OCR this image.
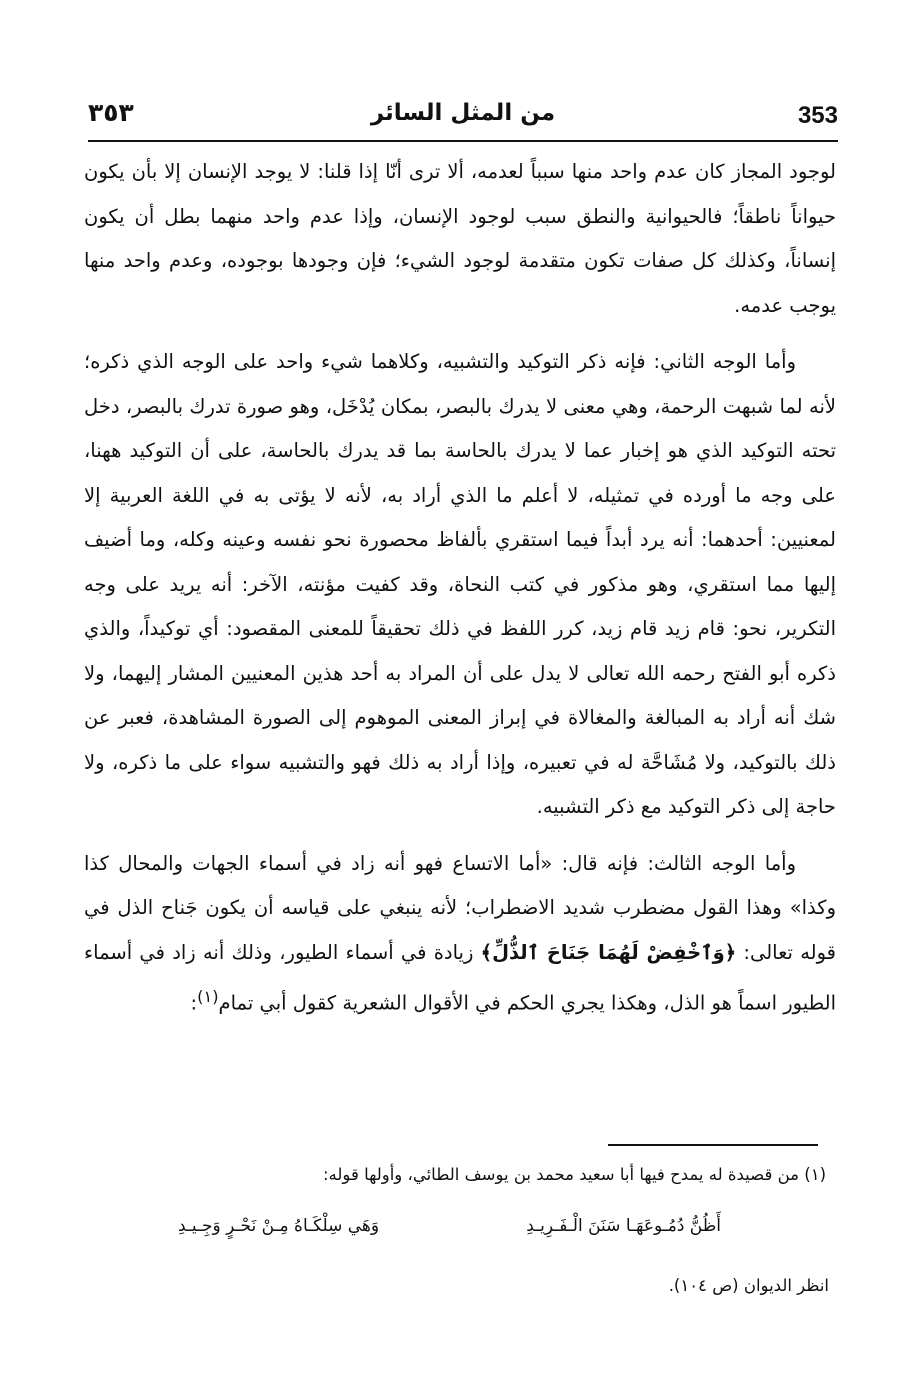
353
من المثل السائر
٣٥٣

لوجود المجاز كان عدم واحد منها سبباً لعدمه، ألا ترى أنّا إذا قلنا: لا يوجد الإنسان إلا بأن يكون حيواناً ناطقاً؛ فالحيوانية والنطق سبب لوجود الإنسان، وإذا عدم واحد منهما بطل أن يكون إنساناً، وكذلك كل صفات تكون متقدمة لوجود الشيء؛ فإن وجودها بوجوده، وعدم واحد منها يوجب عدمه.

وأما الوجه الثاني: فإنه ذكر التوكيد والتشبيه، وكلاهما شيء واحد على الوجه الذي ذكره؛ لأنه لما شبهت الرحمة، وهي معنى لا يدرك بالبصر، بمكان يُدْخَل، وهو صورة تدرك بالبصر، دخل تحته التوكيد الذي هو إخبار عما لا يدرك بالحاسة بما قد يدرك بالحاسة، على أن التوكيد ههنا، على وجه ما أورده في تمثيله، لا أعلم ما الذي أراد به، لأنه لا يؤتى به في اللغة العربية إلا لمعنيين: أحدهما: أنه يرد أبداً فيما استقري بألفاظ محصورة نحو نفسه وعينه وكله، وما أضيف إليها مما استقري، وهو مذكور في كتب النحاة، وقد كفيت مؤنته، الآخر: أنه يريد على وجه التكرير، نحو: قام زيد قام زيد، كرر اللفظ في ذلك تحقيقاً للمعنى المقصود: أي توكيداً، والذي ذكره أبو الفتح رحمه الله تعالى لا يدل على أن المراد به أحد هذين المعنيين المشار إليهما، ولا شك أنه أراد به المبالغة والمغالاة في إبراز المعنى الموهوم إلى الصورة المشاهدة، فعبر عن ذلك بالتوكيد، ولا مُشَاحَّة له في تعبيره، وإذا أراد به ذلك فهو والتشبيه سواء على ما ذكره، ولا حاجة إلى ذكر التوكيد مع ذكر التشبيه.

وأما الوجه الثالث: فإنه قال: «أما الاتساع فهو أنه زاد في أسماء الجهات والمحال كذا وكذا» وهذا القول مضطرب شديد الاضطراب؛ لأنه ينبغي على قياسه أن يكون جَناح الذل في قوله تعالى: ﴿وَٱخْفِضْ لَهُمَا جَنَاحَ ٱلذُّلِّ﴾ زيادة في أسماء الطيور، وذلك أنه زاد في أسماء الطيور اسماً هو الذل، وهكذا يجري الحكم في الأقوال الشعرية كقول أبي تمام$^{(١)}$:

(١) من قصيدة له يمدح فيها أبا سعيد محمد بن يوسف الطائي، وأولها قوله:

أَظُنُّ دُمُـوعَهَـا سَنَنَ الْـفَـرِيـدِ
وَهَي سِلْكَـاهُ مِـنْ نَحْـرٍ وَجِـيـدِ
انظر الديوان (ص ١٠٤).
